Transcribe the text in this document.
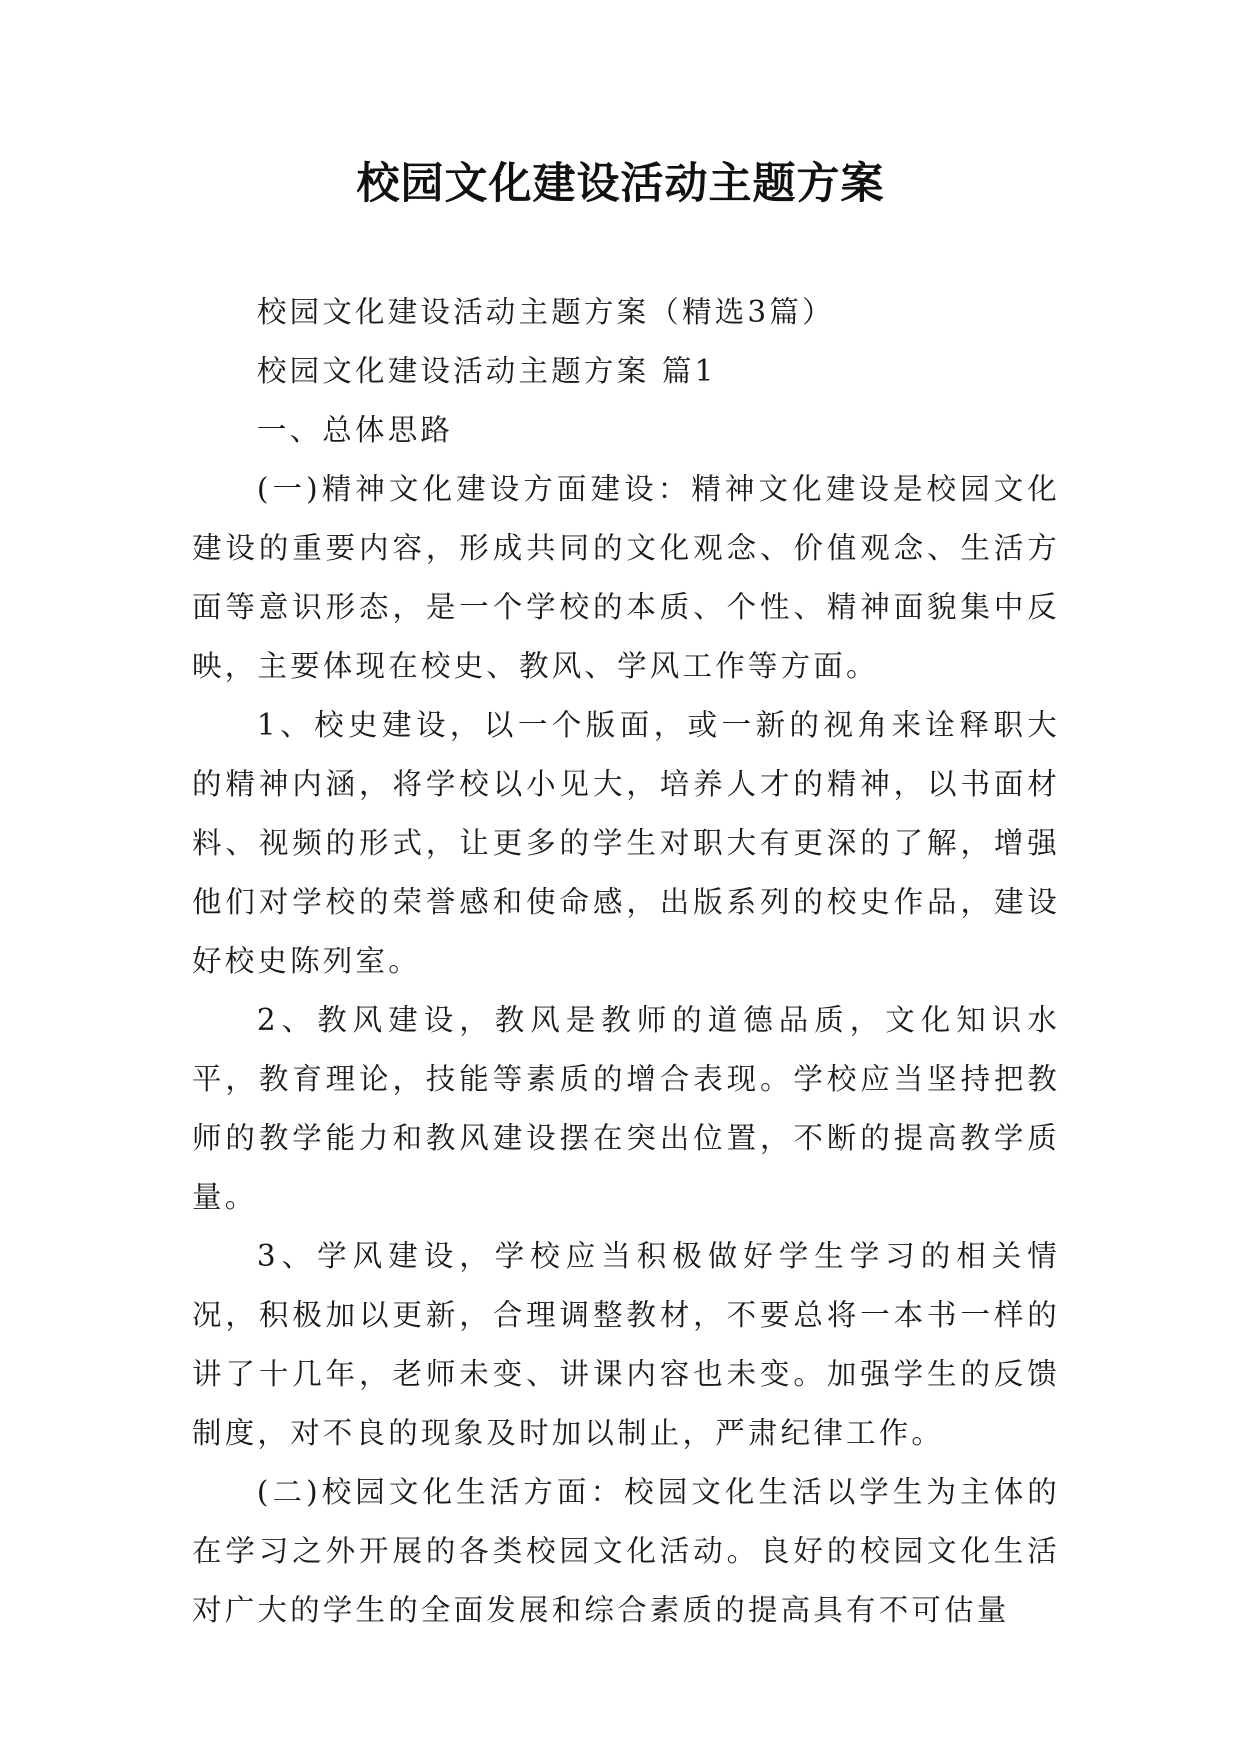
校园文化建设活动主题方案

校园文化建设活动主题方案（精选3篇）

校园文化建设活动主题方案 篇1

一、总体思路

(一)精神文化建设方面建设：精神文化建设是校园文化建设的重要内容，形成共同的文化观念、价值观念、生活方面等意识形态，是一个学校的本质、个性、精神面貌集中反映，主要体现在校史、教风、学风工作等方面。

1、校史建设，以一个版面，或一新的视角来诠释职大的精神内涵，将学校以小见大，培养人才的精神，以书面材料、视频的形式，让更多的学生对职大有更深的了解，增强他们对学校的荣誉感和使命感，出版系列的校史作品，建设好校史陈列室。

2、教风建设，教风是教师的道德品质，文化知识水平，教育理论，技能等素质的增合表现。学校应当坚持把教师的教学能力和教风建设摆在突出位置，不断的提高教学质量。

3、学风建设，学校应当积极做好学生学习的相关情况，积极加以更新，合理调整教材，不要总将一本书一样的讲了十几年，老师未变、讲课内容也未变。加强学生的反馈制度，对不良的现象及时加以制止，严肃纪律工作。

(二)校园文化生活方面：校园文化生活以学生为主体的在学习之外开展的各类校园文化活动。良好的校园文化生活对广大的学生的全面发展和综合素质的提高具有不可估量
